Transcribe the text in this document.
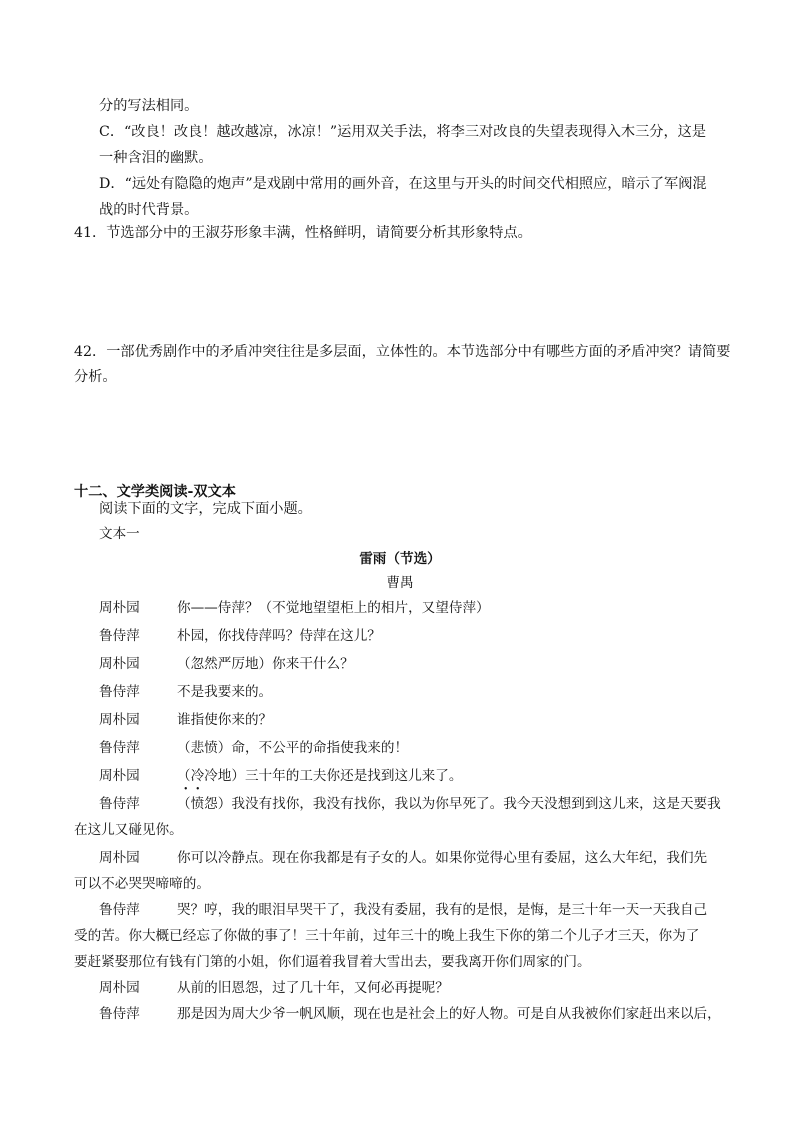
分的写法相同。
C．“改良！改良！越改越凉，冰凉！”运用双关手法，将李三对改良的失望表现得入木三分，这是
一种含泪的幽默。
D．“远处有隐隐的炮声”是戏剧中常用的画外音，在这里与开头的时间交代相照应，暗示了军阀混
战的时代背景。
41．节选部分中的王淑芬形象丰满，性格鲜明，请简要分析其形象特点。
42．一部优秀剧作中的矛盾冲突往往是多层面，立体性的。本节选部分中有哪些方面的矛盾冲突？请简要
分析。
十二、文学类阅读-双文本
阅读下面的文字，完成下面小题。
文本一
雷雨（节选）
曹禺
周朴园	你——侍萍？（不觉地望望柜上的相片，又望侍萍）
鲁侍萍	朴园，你找侍萍吗？侍萍在这儿？
周朴园	（忽然严厉地）你来干什么？
鲁侍萍	不是我要来的。
周朴园	谁指使你来的？
鲁侍萍	（悲愤）命，不公平的命指使我来的！
周朴园	（冷冷地）三十年的工夫你还是找到这儿来了。
• •
鲁侍萍	（愤怨）我没有找你，我没有找你，我以为你早死了。我今天没想到到这儿来，这是天要我
在这儿又碰见你。
周朴园	你可以冷静点。现在你我都是有子女的人。如果你觉得心里有委屈，这么大年纪，我们先
可以不必哭哭啼啼的。
鲁侍萍	哭？哼，我的眼泪早哭干了，我没有委屈，我有的是恨，是悔，是三十年一天一天我自己
受的苦。你大概已经忘了你做的事了！三十年前，过年三十的晚上我生下你的第二个儿子才三天，你为了
要赶紧娶那位有钱有门第的小姐，你们逼着我冒着大雪出去，要我离开你们周家的门。
周朴园	从前的旧恩怨，过了几十年，又何必再提呢？
鲁侍萍	那是因为周大少爷一帆风顺，现在也是社会上的好人物。可是自从我被你们家赶出来以后，
